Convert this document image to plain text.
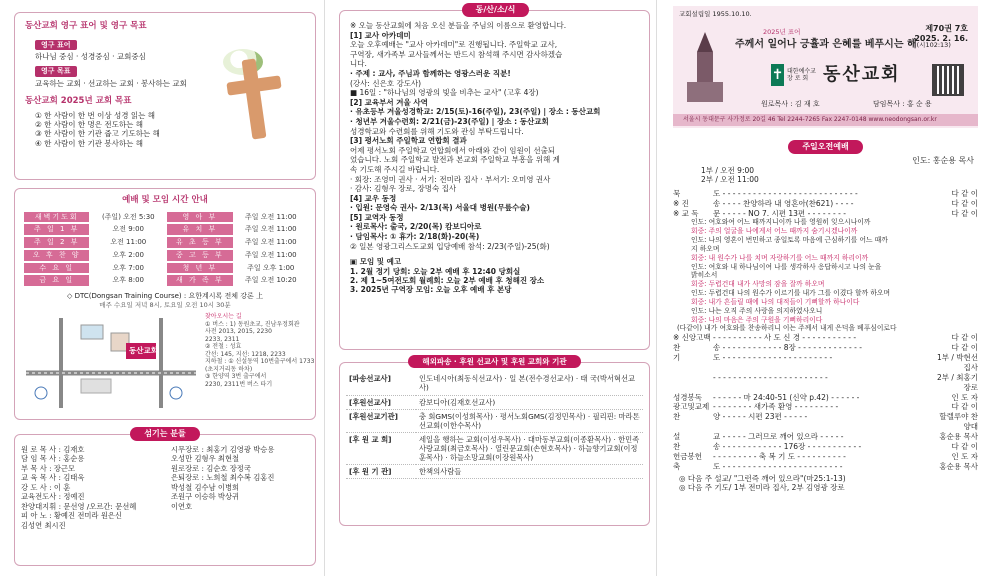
동산교회 영구 표어 및 영구 목표
영구 표어
하나님 중심 · 성경중심 · 교회중심
영구 목표
교육하는 교회 · 선교하는 교회 · 봉사하는 교회
동산교회 2025년 교회 목표
① 한 사람이 한 번 이상 성경 읽는 해
② 한 사람이 한 명은 전도하는 해
③ 한 사람이 한 기관 줍고 기도하는 해
④ 한 사람이 한 기관 봉사하는 해
예배 및 모임 시간 안내
새벽기도회	(주일) 오전 5:30	영 아 부	주일 오전 11:00
주 일 1 부	오전 9:00	유 치 부	주일 오전 11:00
주 일 2 부	오전 11:00	유 초 등 부	주일 오전 11:00
오 후 찬 양	오후 2:00	중 고 등 부	주일 오전 11:00
수 요 일	오후 7:00	청 년 부	주일 오후 1:00
금 요 일	오후 8:00	새 가 족 부	주일 오전 10:20
◇ DTC(Dongsan Training Course) : 요한계시록 전체 강론 上
매주 수요일 저녁 8시, 토요일 오전 10시 30분
동산교회
찾아오시는 길
① 버스 : 1) 동원초교, 진남우정회관
사전 2013, 2015, 2230
2233, 2311
② 전철 : 성효
간선: 145, 지선: 1218, 2233
지하철 : ① 신설동역 10번출구에서 1733
(초지거리동 하차)
③ 한양역 3번 출구에서
2230, 2311번 버스 타기
섬기는 분들
원 로 목 사 : 김재호
담 임 목 사 : 홍순용
부 목 사 : 장근모
교 육 목 사 : 김태욱
강 도 사 : 이 훈
교육전도사 : 정예진
찬양대지휘 : 문선영 /오르간: 문선혜
피 아 노 : 황예진 전미라 원은신
김성연 최시진
시무장로 : 최홍기 김영광 박승용
오성만 김형우 최현철
원로장로 : 김순호 장정국
은퇴장로 : 노희철 최수복 김홍진
박성철 김수남 이병희
조원구 이승하 박상귀
이연호
동/산/소/식
※ 오늘 동산교회에 처음 오신 분들을 주님의 이름으로 환영합니다.
[1] 교사 아카데미
오늘 오후예배는 "교사 아카데미"로 진행됩니다. 주일학교 교사,
구역장, 새가족부 교사들께서는 반드시 참석해 주시면 감사하겠습
니다.
· 주제 : 교사, 주님과 함께하는 영광스러운 직분!
(강사: 신은호 강도사)
■ 16일 : "하나님의 영광의 빛을 비추는 교사" (고후 4장)
[2] 교육부서 겨울 사역
· 유초등부 겨울성경학교: 2/15(토)-16(주일), 23(주일) | 장소 : 동산교회
· 청년부 겨울수련회: 2/21(금)-23(주일) | 장소 : 동산교회
성경학교와 수련회를 위해 기도와 관심 부탁드립니다.
[3] 평서노회 주일학교 연합회 결과
어제 평서노회 주일학교 연합회에서 아래와 같이 임원이 선출되
었습니다. 노회 주일학교 발전과 본교회 주일학교 부흥을 위해 계
속 기도해 주시길 바랍니다.
· 회장: 조영미 권사 · 서기: 전미라 집사 · 부서기: 오미영 권사
· 감사: 김형우 장로, 장명숙 집사
[4] 교우 동정
· 입원: 문영숙 권사- 2/13(목) 서울대 병원(무릎수술)
[5] 교역자 동정
· 원로목사: 출국, 2/20(목) 캄보디아로
· 담임목사: ① 휴가: 2/18(화)-20(목)
② 일본 영광그리스도교회 입당예배 참석: 2/23(주일)-25(화)
▣ 모임 및 예고
1. 2월 정기 당회: 오늘 2부 예배 후 12:40 당회실
2. 제 1~5여전도회 월례회: 오늘 2부 예배 후 청해진 장소
3. 2025년 구역장 모임: 오늘 오후 예배 후 본당
해외파송 · 후원 선교사 및 후원 교회와 기관
[파송선교사]	인도네시아(최동식선교사) · 일 본(전수경선교사) · 태 국(박서혁선교사)
[후원선교사]	캄보디아(김재호선교사)
[후원선교기관]	충 회GMS(이성희목사) · 평서노회GMS(김정민목사) · 필리핀: 마라톤선교회(이한수목사)
[후 원 교 회]	세일을 행하는 교회(이성우목사) · 대마동부교회(이종환목사) · 한민족사랑교회(최금호목사) · 열린문교회(손현호목사) · 하늘향기교회(이정훈목사) · 하늘소망교회(이장원목사)
[후 원 기 관]	한책의사람들
교회설립일 1955.10.10.
제70권 7호
2025. 2. 16.
2025년 표어
주께서 일어나 긍휼과 은혜를 베푸시는 해(시102:13)
✝ 대한예수교 장 로 회 동산교회
원로목사 : 김 재 호	담임목사 : 홍 순 용
서울시 동대문구 사가정로 20길 46 Tel 2244-7265 Fax 2247-0148 www.neodongsan.or.kr
주일오전예배
인도: 홍순용 목사
1부 / 오전 9:00
2부 / 오전 11:00
묵	도 - - - - - - - - - - - - - - - - - - - - - - - - - - -	다 같 이
※ 진	송 - - - - 찬양하라 내 영혼아(찬621) - - - -	다 같 이
※ 교 독	문 - - - - - NO 7. 시편 13편 - - - - - - - -	다 같 이
인도: 여호와여 어느 때까지니이까 나를 영원히 잊으시나이까
회중: 주의 얼굴을 나에게서 어느 때까지 숨기시겠나이까
인도: 나의 영혼이 번민하고 종일토록 마음에 근심하기를 어느 때까
지 하오며
회중: 내 원수가 나를 치며 자랑하기를 어느 때까지 하리이까
인도: 여호와 내 하나님이여 나를 생각하사 응답하시고 나의 눈을
밝히소서
회중: 두렵건대 내가 사망의 잠을 잘까 하오며
인도: 두렵건대 나의 원수가 이르기를 내가 그를 이겼다 할까 하오며
회중: 내가 흔들릴 때에 나의 대적들이 기뻐할까 하나이다
인도: 나는 오직 주의 사랑을 의지하였사오니
회중: 나의 마음은 주의 구원을 기뻐하리이다
(다같이) 내가 여호와를 찬송하리니 이는 주께서 내게 은덕을 베푸심이로다
※ 신앙고백 - - - - - - - - - - 사 도 신 경 - - - - - - - - - - -	다 같 이
찬	송 - - - - - - - - - - - - 8장 - - - - - - - - - - - - -	다 같 이
기	도 - - - - - - - - - - - - - - - - - - - - - -	1부 / 박현선 집사
- - - - - - - - - - - - - - - - - - - - - - -	2부 / 최홍기 장로
성경봉독	- - - - - - 마 24:40-51 (신약 p.42) - - - - - -	인 도 자
광고및교제 - - - - - - - - 새가족 환영 - - - - - - - - -	다 같 이
찬	양 - - - - - 시편 23편 - - - - -	할렐루야 찬양대
설	교 - - - - - 그러므로 깨어 있으라 - - - - -	홍순용 목사
찬	송 - - - - - - - - - - - - 176장 - - - - - - - - - - -	다 같 이
헌금봉헌	- - - - - - - - - 축 복 기 도 - - - - - - - - - -	인 도 자
축	도 - - - - - - - - - - - - - - - - - - - - - - - -	홍순용 목사
◎ 다음 주 설교/ "그런즉 깨어 있으라"(마25:1-13)
◎ 다음 주 기도/ 1부 전미라 집사, 2부 김영광 장로
